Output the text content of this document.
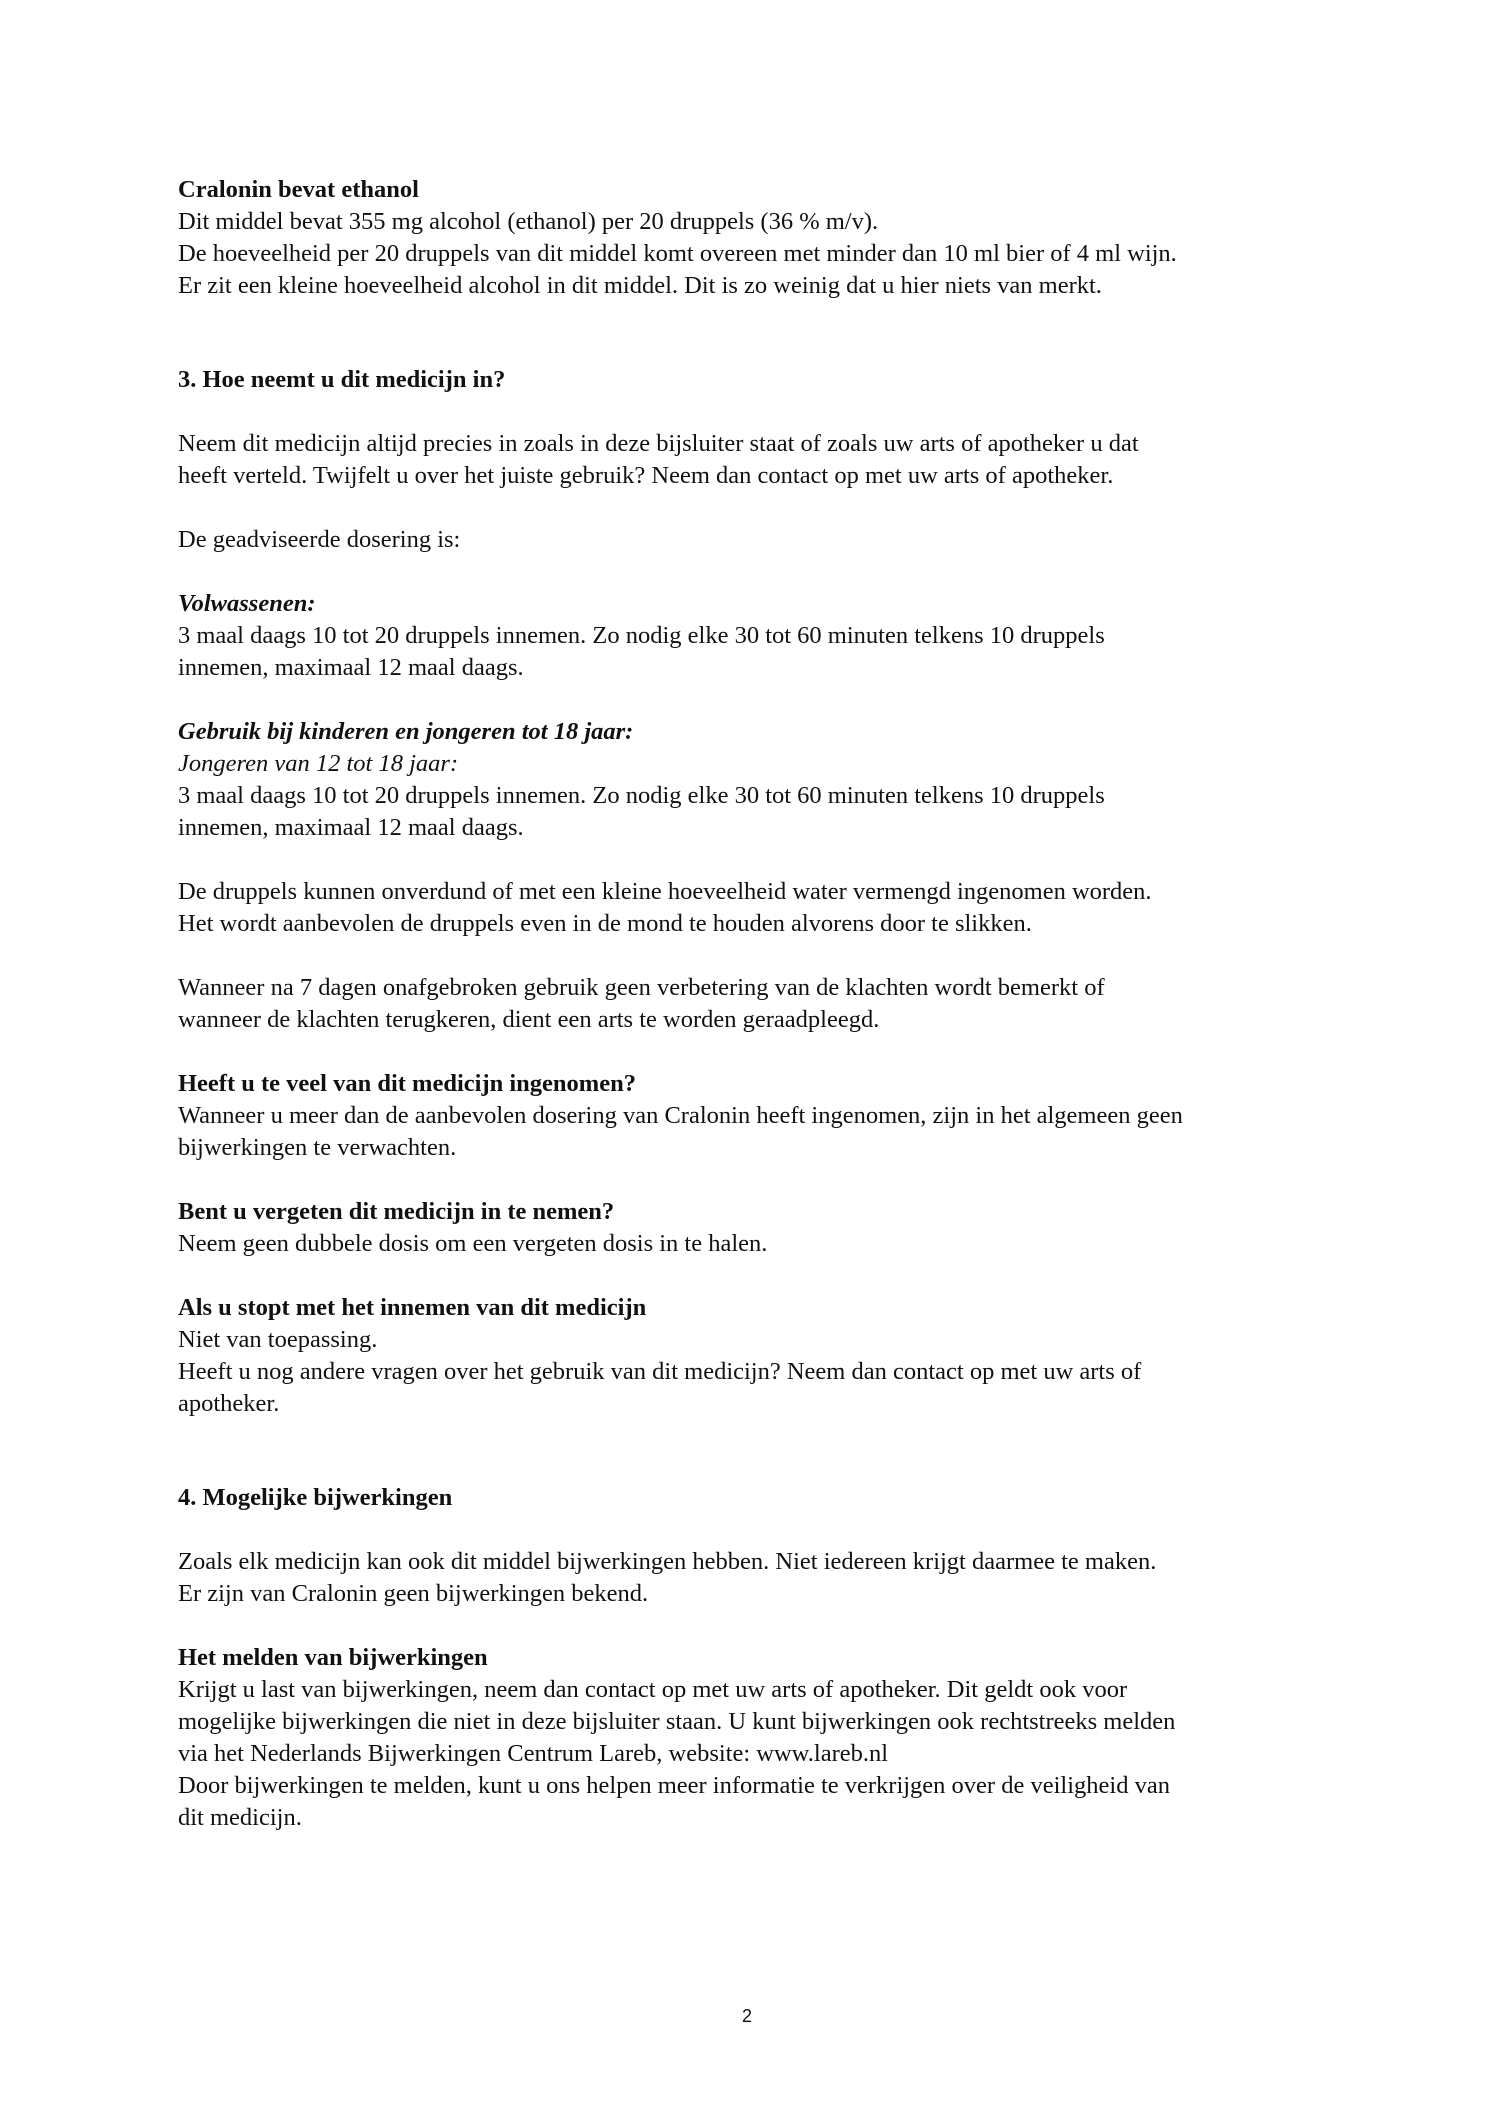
Cralonin bevat ethanol
Dit middel bevat 355 mg alcohol (ethanol) per 20 druppels (36 % m/v).
De hoeveelheid per 20 druppels van dit middel komt overeen met minder dan 10 ml bier of 4 ml wijn.
Er zit een kleine hoeveelheid alcohol in dit middel. Dit is zo weinig dat u hier niets van merkt.
3. Hoe neemt u dit medicijn in?
Neem dit medicijn altijd precies in zoals in deze bijsluiter staat of zoals uw arts of apotheker u dat
heeft verteld. Twijfelt u over het juiste gebruik? Neem dan contact op met uw arts of apotheker.
De geadviseerde dosering is:
Volwassenen:
3 maal daags 10 tot 20 druppels innemen. Zo nodig elke 30 tot 60 minuten telkens 10 druppels
innemen, maximaal 12 maal daags.
Gebruik bij kinderen en jongeren tot 18 jaar:
Jongeren van 12 tot 18 jaar:
3 maal daags 10 tot 20 druppels innemen. Zo nodig elke 30 tot 60 minuten telkens 10 druppels
innemen, maximaal 12 maal daags.
De druppels kunnen onverdund of met een kleine hoeveelheid water vermengd ingenomen worden.
Het wordt aanbevolen de druppels even in de mond te houden alvorens door te slikken.
Wanneer na 7 dagen onafgebroken gebruik geen verbetering van de klachten wordt bemerkt of
wanneer de klachten terugkeren, dient een arts te worden geraadpleegd.
Heeft u te veel van dit medicijn ingenomen?
Wanneer u meer dan de aanbevolen dosering van Cralonin heeft ingenomen, zijn in het algemeen geen
bijwerkingen te verwachten.
Bent u vergeten dit medicijn in te nemen?
Neem geen dubbele dosis om een vergeten dosis in te halen.
Als u stopt met het innemen van dit medicijn
Niet van toepassing.
Heeft u nog andere vragen over het gebruik van dit medicijn? Neem dan contact op met uw arts of
apotheker.
4. Mogelijke bijwerkingen
Zoals elk medicijn kan ook dit middel bijwerkingen hebben. Niet iedereen krijgt daarmee te maken.
Er zijn van Cralonin geen bijwerkingen bekend.
Het melden van bijwerkingen
Krijgt u last van bijwerkingen, neem dan contact op met uw arts of apotheker. Dit geldt ook voor
mogelijke bijwerkingen die niet in deze bijsluiter staan. U kunt bijwerkingen ook rechtstreeks melden
via het Nederlands Bijwerkingen Centrum Lareb, website: www.lareb.nl
Door bijwerkingen te melden, kunt u ons helpen meer informatie te verkrijgen over de veiligheid van
dit medicijn.
2
